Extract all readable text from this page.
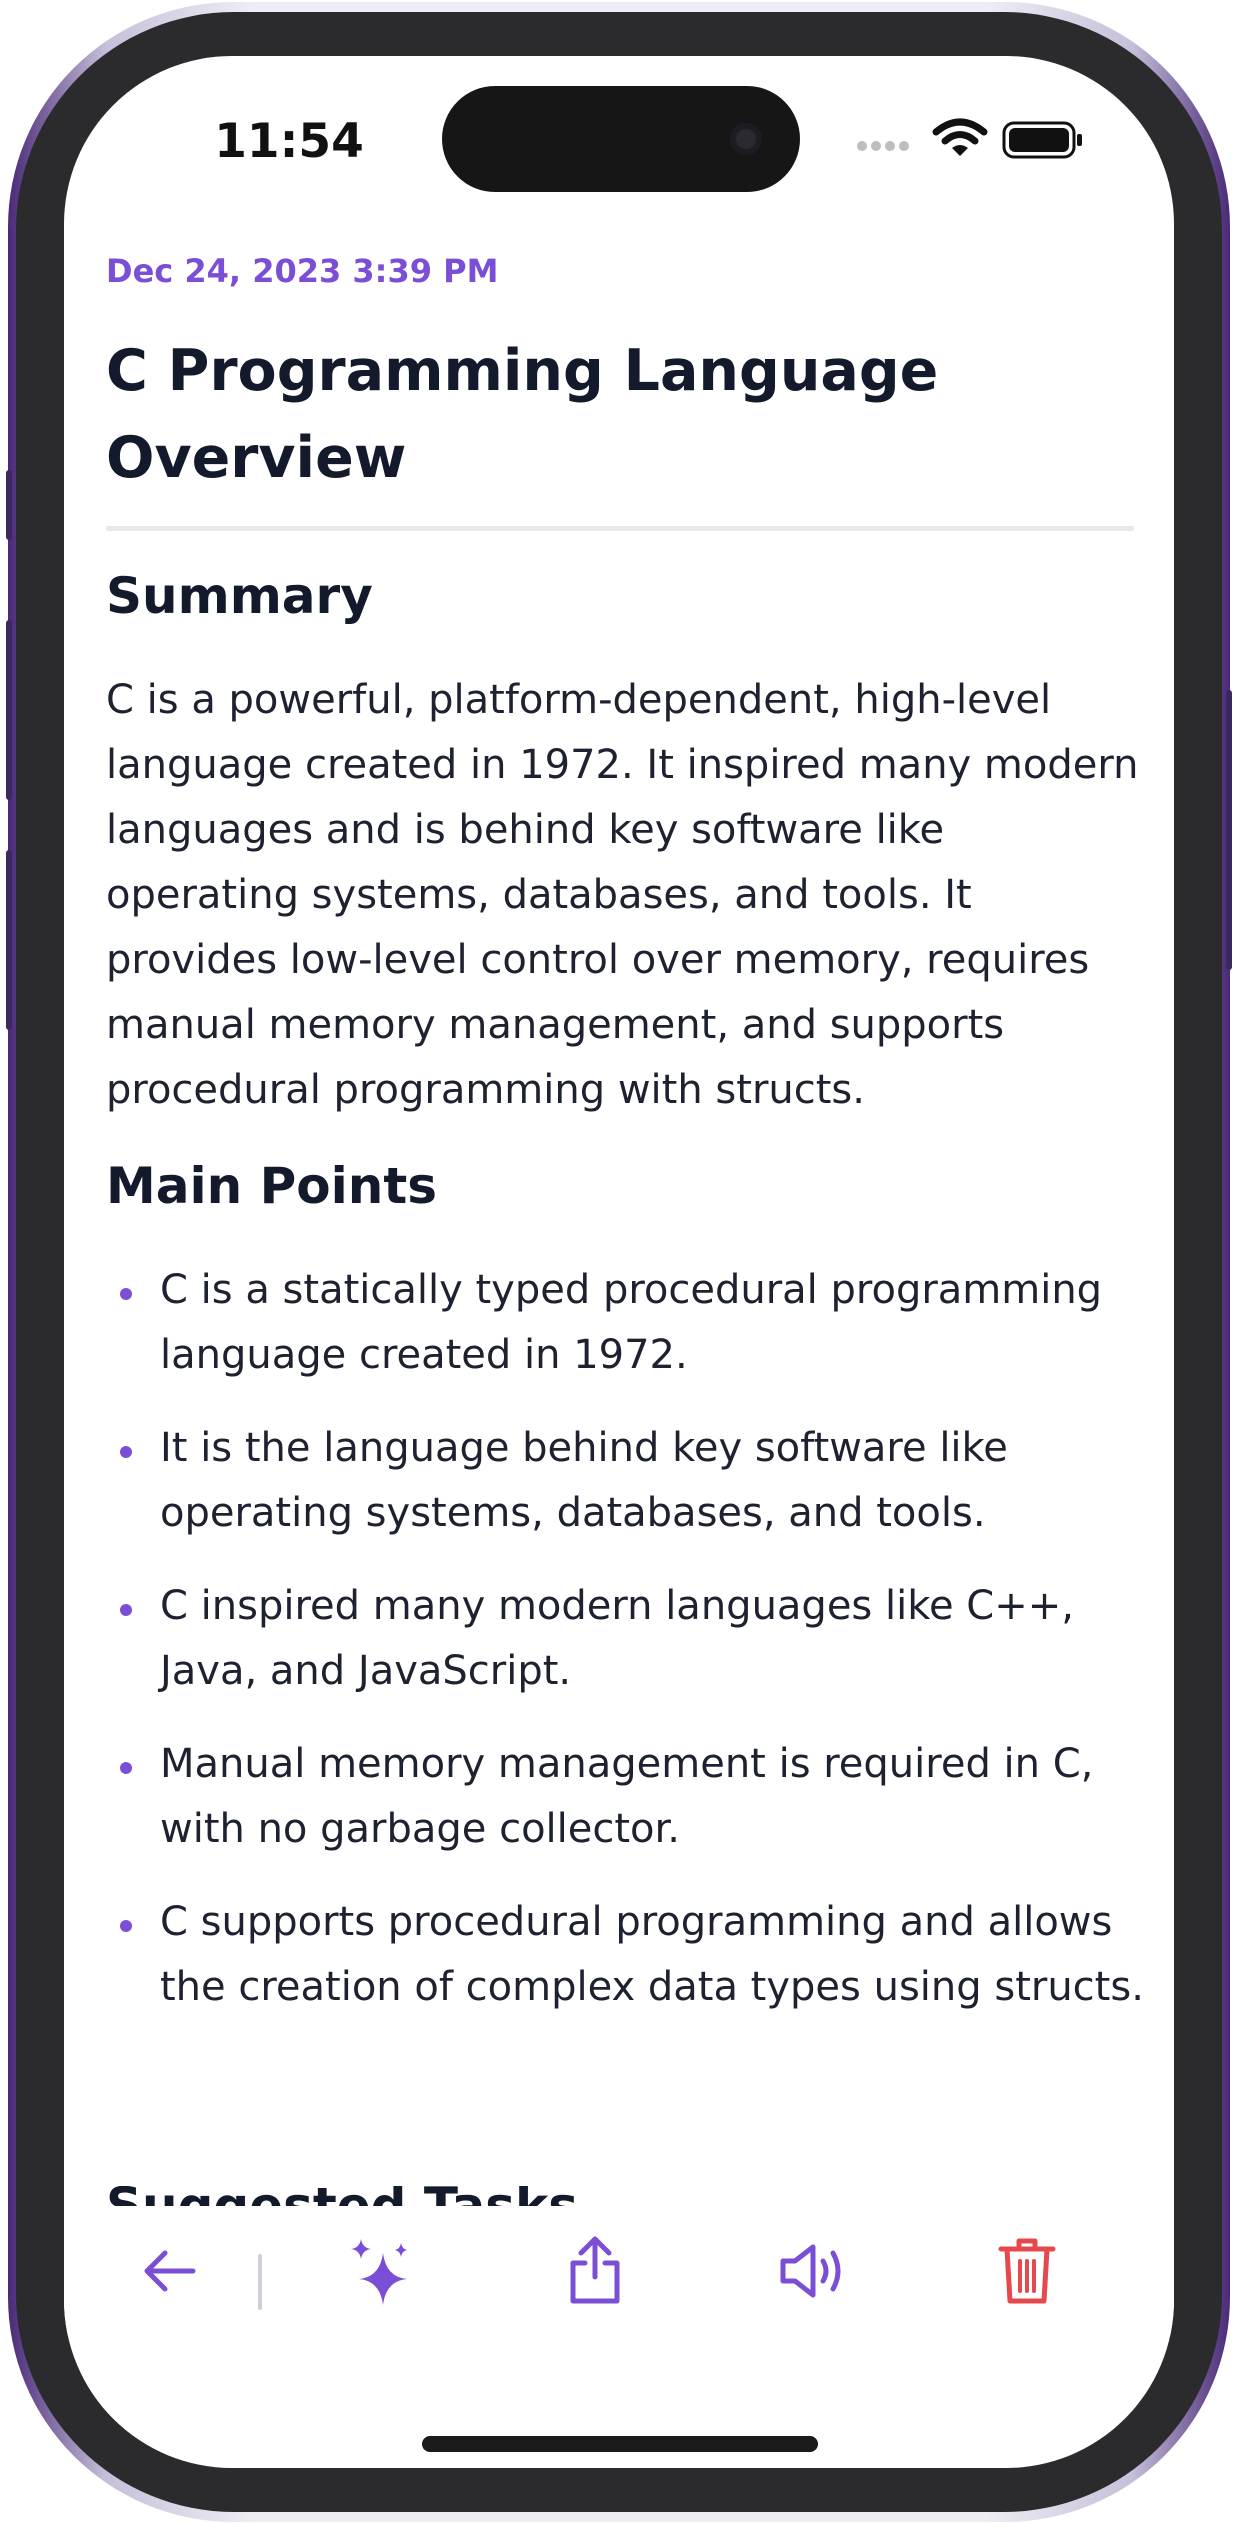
11:54
Dec 24, 2023 3:39 PM
C Programming Language Overview
Summary
C is a powerful, platform-dependent, high-level language created in 1972. It inspired many modern languages and is behind key software like operating systems, databases, and tools. It provides low-level control over memory, requires manual memory management, and supports procedural programming with structs.
Main Points
C is a statically typed procedural programming language created in 1972.
It is the language behind key software like operating systems, databases, and tools.
C inspired many modern languages like C++, Java, and JavaScript.
Manual memory management is required in C, with no garbage collector.
C supports procedural programming and allows the creation of complex data types using structs.
